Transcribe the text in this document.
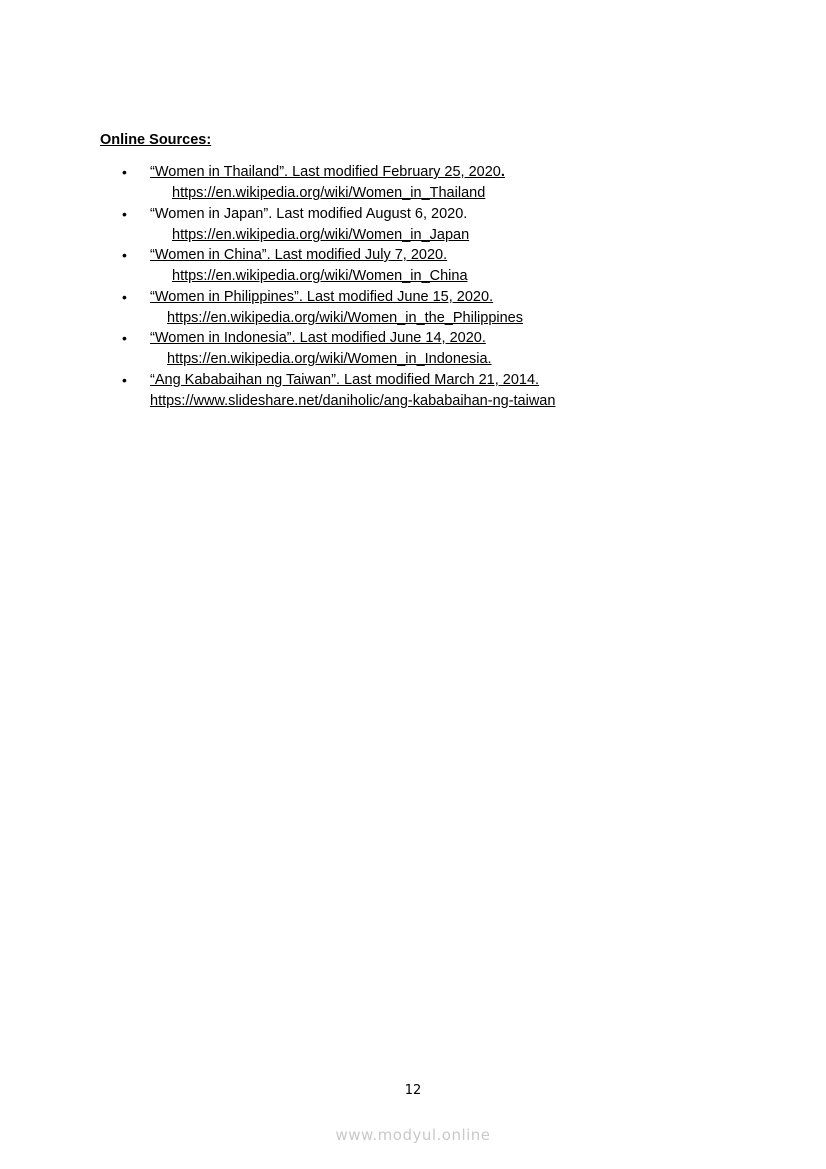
Online Sources:
• “Women in Thailand”. Last modified February 25, 2020.
https://en.wikipedia.org/wiki/Women_in_Thailand
• “Women in Japan”. Last modified August 6, 2020.
https://en.wikipedia.org/wiki/Women_in_Japan
• “Women in China”. Last modified July 7, 2020.
https://en.wikipedia.org/wiki/Women_in_China
• “Women in Philippines”. Last modified June 15, 2020.
https://en.wikipedia.org/wiki/Women_in_the_Philippines
• “Women in Indonesia”. Last modified June 14, 2020.
https://en.wikipedia.org/wiki/Women_in_Indonesia.
• “Ang Kababaihan ng Taiwan”. Last modified March 21, 2014.
https://www.slideshare.net/daniholic/ang-kababaihan-ng-taiwan
12
www.modyul.online
